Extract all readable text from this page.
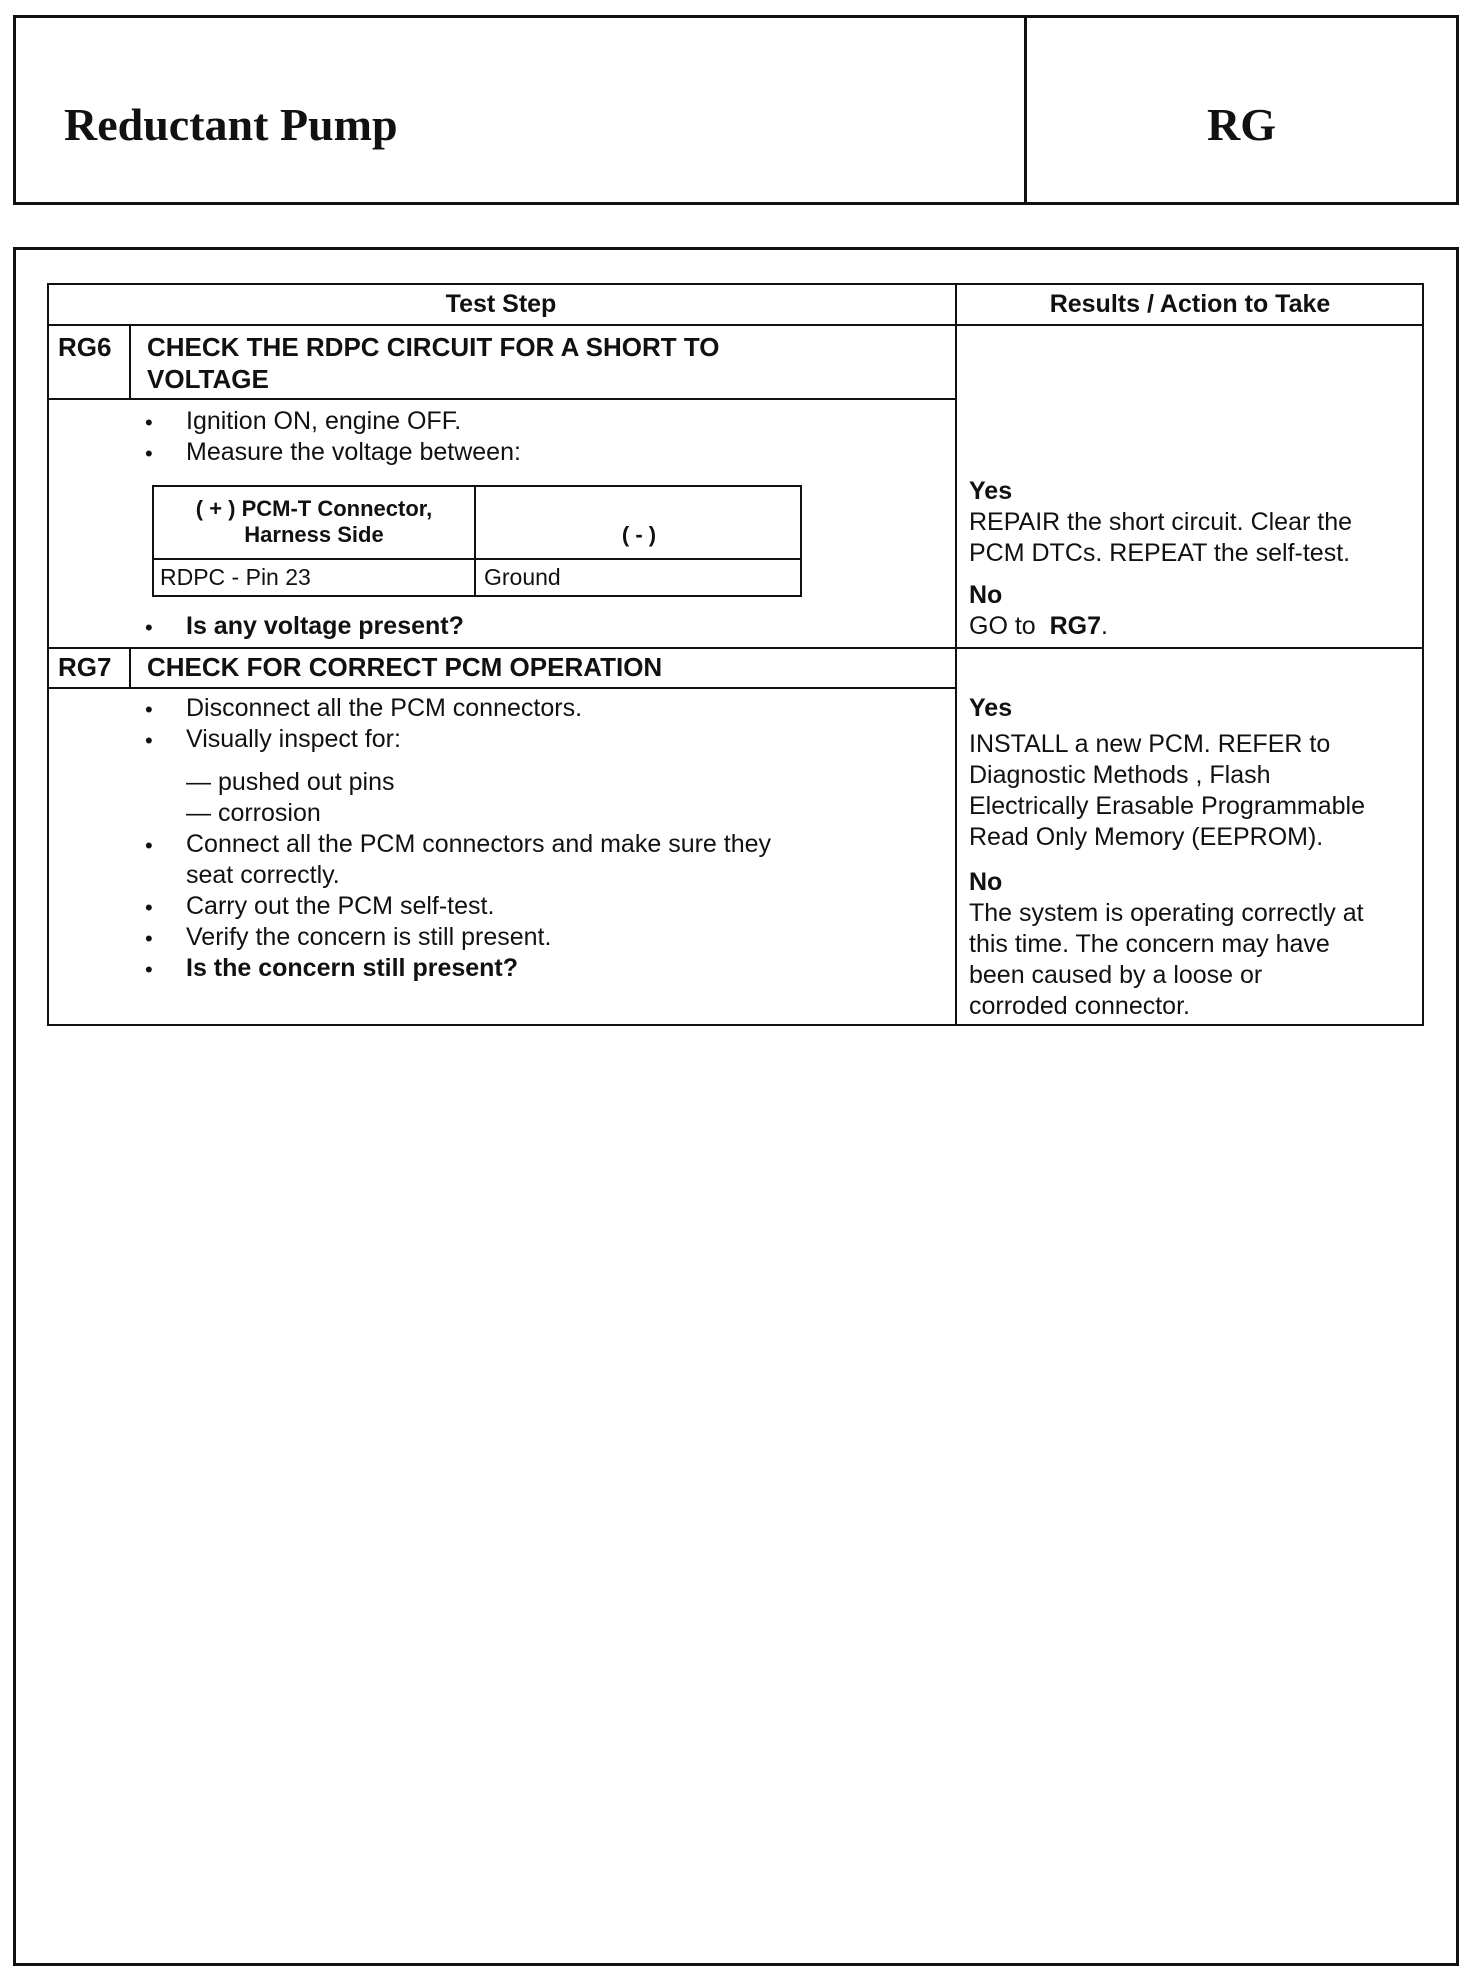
Reductant Pump	RG
Test Step	Results / Action to Take
RG6 CHECK THE RDPC CIRCUIT FOR A SHORT TO
VOLTAGE
• Ignition ON, engine OFF.
• Measure the voltage between:
( + ) PCM-T Connector,
Harness Side	( - )
RDPC - Pin 23	Ground
• Is any voltage present?
Yes
REPAIR the short circuit. Clear the
PCM DTCs. REPEAT the self-test.
No
GO to RG7.
RG7 CHECK FOR CORRECT PCM OPERATION
• Disconnect all the PCM connectors.
• Visually inspect for:
— pushed out pins
— corrosion
• Connect all the PCM connectors and make sure they
seat correctly.
• Carry out the PCM self-test.
• Verify the concern is still present.
• Is the concern still present?
Yes
INSTALL a new PCM. REFER to
Diagnostic Methods , Flash
Electrically Erasable Programmable
Read Only Memory (EEPROM).
No
The system is operating correctly at
this time. The concern may have
been caused by a loose or
corroded connector.
